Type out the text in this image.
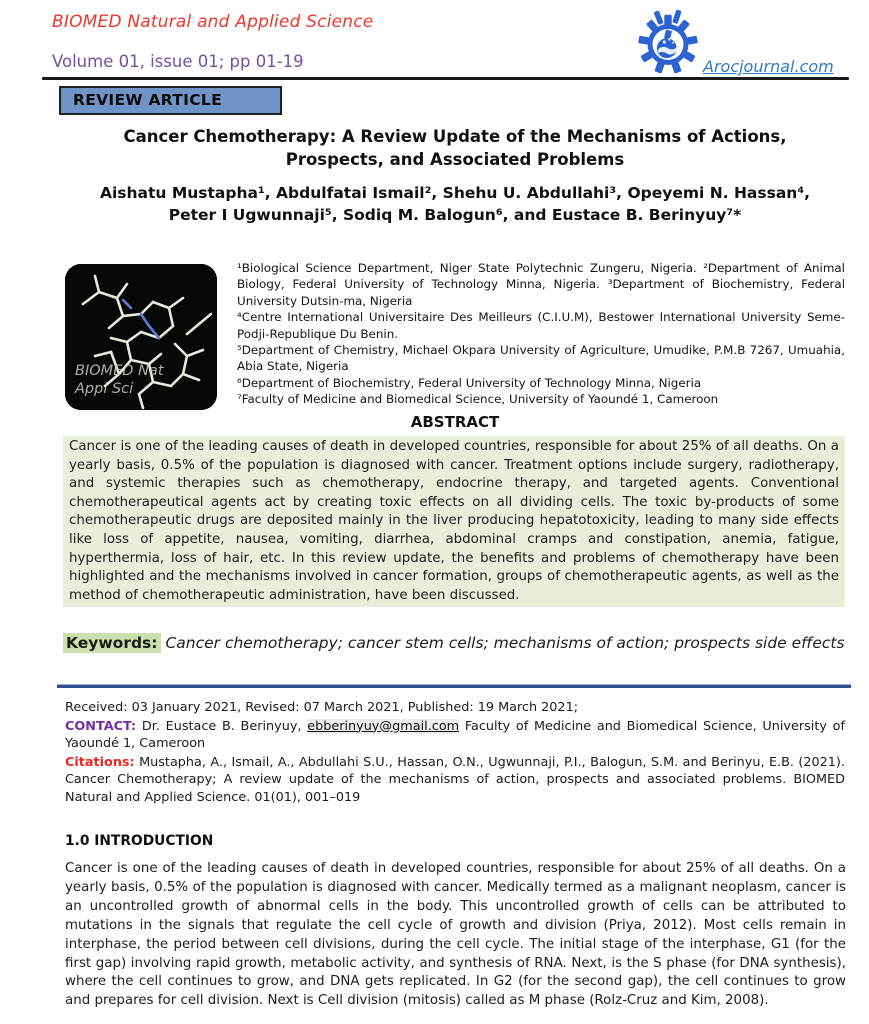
BIOMED Natural and Applied Science
Volume 01, issue 01; pp 01-19	Arocjournal.com
REVIEW ARTICLE
Cancer Chemotherapy: A Review Update of the Mechanisms of Actions,
Prospects, and Associated Problems
Aishatu Mustapha¹, Abdulfatai Ismail², Shehu U. Abdullahi³, Opeyemi N. Hassan⁴,
Peter I Ugwunnaji⁵, Sodiq M. Balogun⁶, and Eustace B. Berinyuy⁷*
BIOMED Nat
Appl Sci

¹Biological Science Department, Niger State Polytechnic Zungeru, Nigeria. ²Department of Animal Biology, Federal University of Technology Minna, Nigeria. ³Department of Biochemistry, Federal University Dutsin-ma, Nigeria

⁴Centre International Universitaire Des Meilleurs (C.I.U.M), Bestower International University Seme-Podji-Republique Du Benin.

⁵Department of Chemistry, Michael Okpara University of Agriculture, Umudike, P.M.B 7267, Umuahia, Abia State, Nigeria

⁶Department of Biochemistry, Federal University of Technology Minna, Nigeria

⁷Faculty of Medicine and Biomedical Science, University of Yaoundé 1, Cameroon

ABSTRACT
Cancer is one of the leading causes of death in developed countries, responsible for about 25% of all deaths. On a yearly basis, 0.5% of the population is diagnosed with cancer. Treatment options include surgery, radiotherapy, and systemic therapies such as chemotherapy, endocrine therapy, and targeted agents. Conventional chemotherapeutical agents act by creating toxic effects on all dividing cells. The toxic by-products of some chemotherapeutic drugs are deposited mainly in the liver producing hepatotoxicity, leading to many side effects like loss of appetite, nausea, vomiting, diarrhea, abdominal cramps and constipation, anemia, fatigue, hyperthermia, loss of hair, etc. In this review update, the benefits and problems of chemotherapy have been highlighted and the mechanisms involved in cancer formation, groups of chemotherapeutic agents, as well as the method of chemotherapeutic administration, have been discussed.
Keywords: Cancer chemotherapy; cancer stem cells; mechanisms of action; prospects side effects

Received: 03 January 2021, Revised: 07 March 2021, Published: 19 March 2021;

CONTACT: Dr. Eustace B. Berinyuy, ebberinyuy@gmail.com Faculty of Medicine and Biomedical Science, University of Yaoundé 1, Cameroon

Citations: Mustapha, A., Ismail, A., Abdullahi S.U., Hassan, O.N., Ugwunnaji, P.I., Balogun, S.M. and Berinyu, E.B. (2021). Cancer Chemotherapy; A review update of the mechanisms of action, prospects and associated problems. BIOMED Natural and Applied Science. 01(01), 001–019

1.0 INTRODUCTION
Cancer is one of the leading causes of death in developed countries, responsible for about 25% of all deaths. On a yearly basis, 0.5% of the population is diagnosed with cancer. Medically termed as a malignant neoplasm, cancer is an uncontrolled growth of abnormal cells in the body. This uncontrolled growth of cells can be attributed to mutations in the signals that regulate the cell cycle of growth and division (Priya, 2012). Most cells remain in interphase, the period between cell divisions, during the cell cycle. The initial stage of the interphase, G1 (for the first gap) involving rapid growth, metabolic activity, and synthesis of RNA. Next, is the S phase (for DNA synthesis), where the cell continues to grow, and DNA gets replicated. In G2 (for the second gap), the cell continues to grow and prepares for cell division. Next is Cell division (mitosis) called as M phase (Rolz-Cruz and Kim, 2008).
